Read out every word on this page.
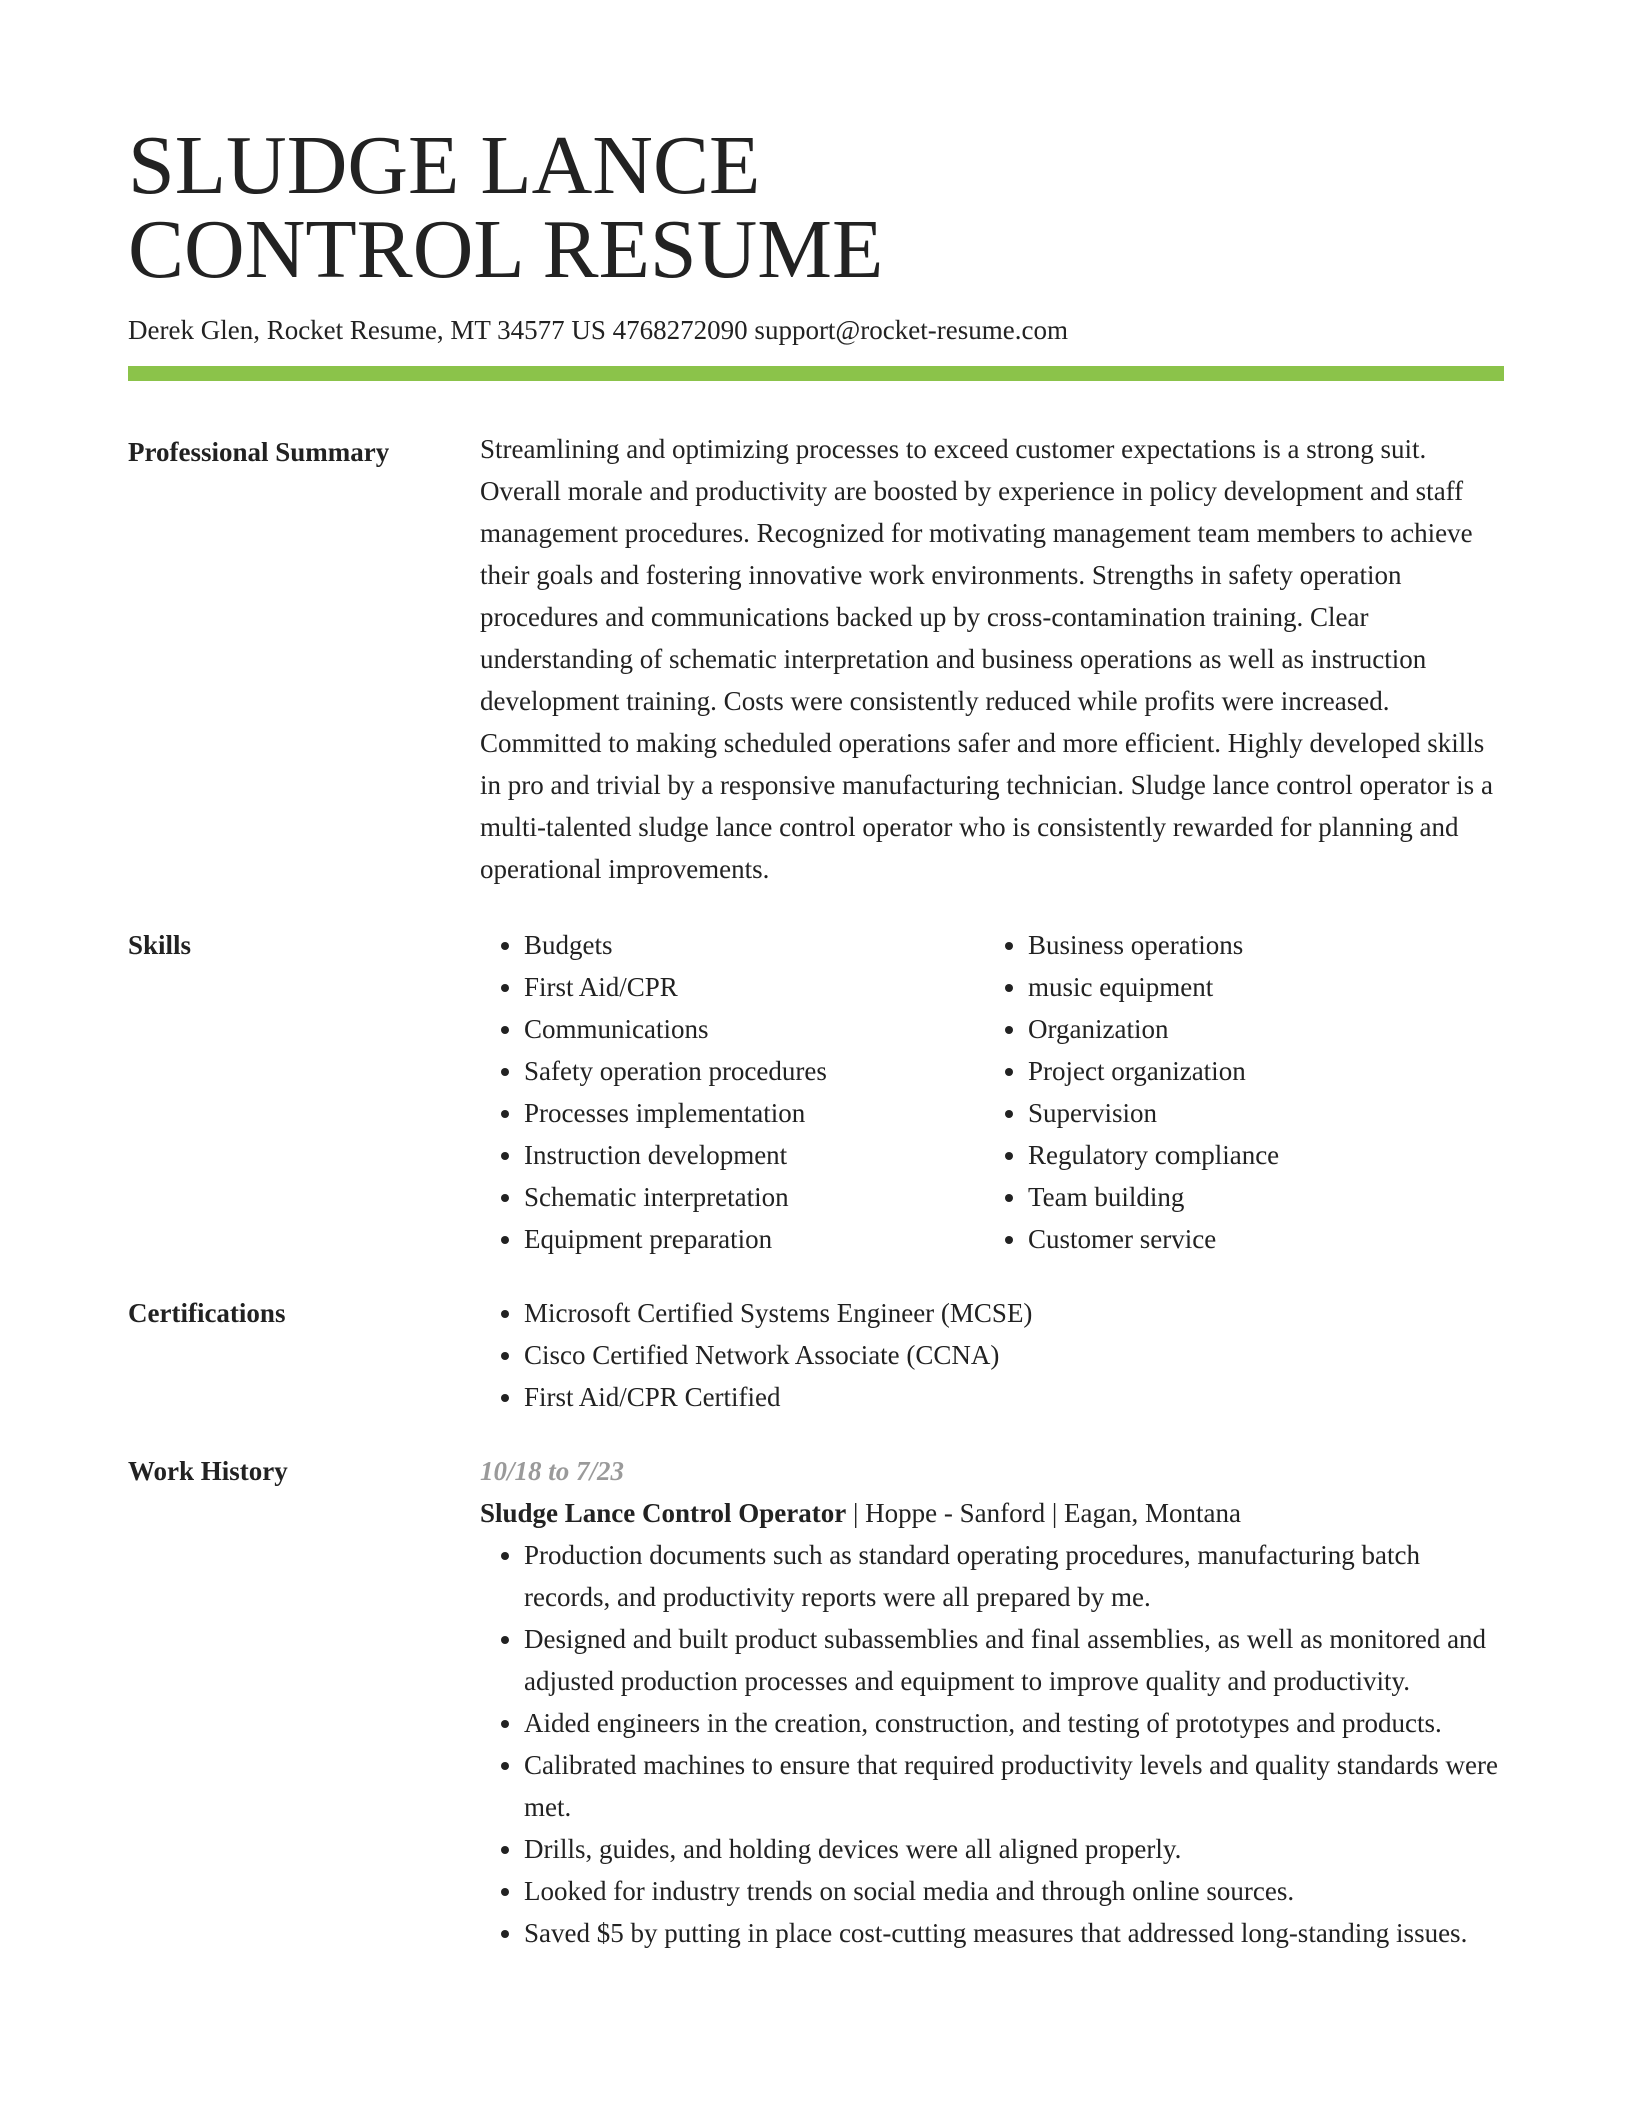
SLUDGE LANCE
CONTROL RESUME
Derek Glen, Rocket Resume, MT 34577 US 4768272090 support@rocket-resume.com
Professional Summary	Streamlining and optimizing processes to exceed customer expectations is a strong suit. Overall morale and productivity are boosted by experience in policy development and staff management procedures. Recognized for motivating management team members to achieve their goals and fostering innovative work environments. Strengths in safety operation procedures and communications backed up by cross-contamination training. Clear understanding of schematic interpretation and business operations as well as instruction development training. Costs were consistently reduced while profits were increased. Committed to making scheduled operations safer and more efficient. Highly developed skills in pro and trivial by a responsive manufacturing technician. Sludge lance control operator is a multi-talented sludge lance control operator who is consistently rewarded for planning and operational improvements.

Skills	• Budgets
• First Aid/CPR
• Communications
• Safety operation procedures
• Processes implementation
• Instruction development
• Schematic interpretation
• Equipment preparation
• Business operations
• music equipment
• Organization
• Project organization
• Supervision
• Regulatory compliance
• Team building
• Customer service
Certifications	• Microsoft Certified Systems Engineer (MCSE)
• Cisco Certified Network Associate (CCNA)
• First Aid/CPR Certified
Work History	10/18 to 7/23
Sludge Lance Control Operator | Hoppe - Sanford | Eagan, Montana
• Production documents such as standard operating procedures, manufacturing batch records, and productivity reports were all prepared by me.
• Designed and built product subassemblies and final assemblies, as well as monitored and adjusted production processes and equipment to improve quality and productivity.
• Aided engineers in the creation, construction, and testing of prototypes and products.
• Calibrated machines to ensure that required productivity levels and quality standards were met.
• Drills, guides, and holding devices were all aligned properly.
• Looked for industry trends on social media and through online sources.
• Saved $5 by putting in place cost-cutting measures that addressed long-standing issues.
